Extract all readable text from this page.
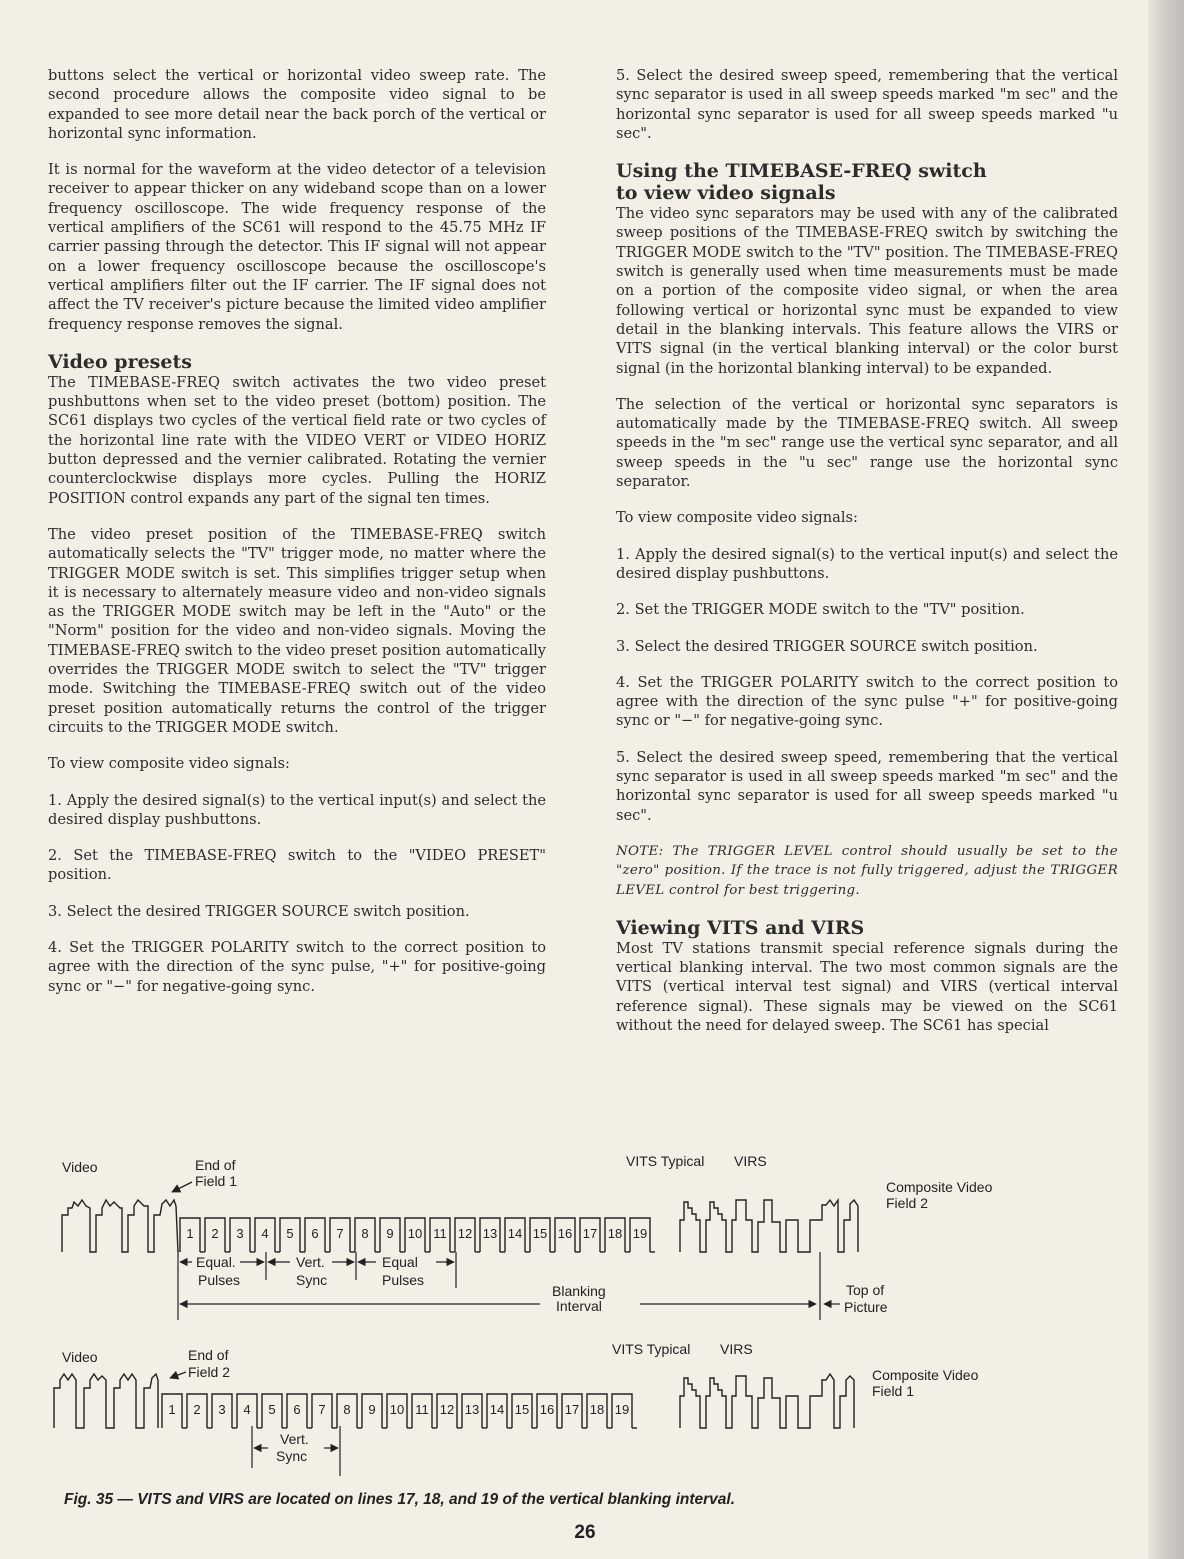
buttons select the vertical or horizontal video sweep rate. The second procedure allows the composite video signal to be expanded to see more detail near the back porch of the vertical or horizontal sync information.

It is normal for the waveform at the video detector of a television receiver to appear thicker on any wideband scope than on a lower frequency oscilloscope. The wide frequency response of the vertical amplifiers of the SC61 will respond to the 45.75 MHz IF carrier passing through the detector. This IF signal will not appear on a lower frequency oscilloscope because the oscilloscope's vertical amplifiers filter out the IF carrier. The IF signal does not affect the TV receiver's picture because the limited video amplifier frequency response removes the signal.

Video presets

The TIMEBASE-FREQ switch activates the two video preset pushbuttons when set to the video preset (bottom) position. The SC61 displays two cycles of the vertical field rate or two cycles of the horizontal line rate with the VIDEO VERT or VIDEO HORIZ button depressed and the vernier calibrated. Rotating the vernier counterclockwise displays more cycles. Pulling the HORIZ POSITION control expands any part of the signal ten times.

The video preset position of the TIMEBASE-FREQ switch automatically selects the "TV" trigger mode, no matter where the TRIGGER MODE switch is set. This simplifies trigger setup when it is necessary to alternately measure video and non-video signals as the TRIGGER MODE switch may be left in the "Auto" or the "Norm" position for the video and non-video signals. Moving the TIMEBASE-FREQ switch to the video preset position automatically overrides the TRIGGER MODE switch to select the "TV" trigger mode. Switching the TIMEBASE-FREQ switch out of the video preset position automatically returns the control of the trigger circuits to the TRIGGER MODE switch.

To view composite video signals:

1. Apply the desired signal(s) to the vertical input(s) and select the desired display pushbuttons.

2. Set the TIMEBASE-FREQ switch to the "VIDEO PRESET" position.

3. Select the desired TRIGGER SOURCE switch position.

4. Set the TRIGGER POLARITY switch to the correct position to agree with the direction of the sync pulse, "+" for positive-going sync or "−" for negative-going sync.

5. Select the desired sweep speed, remembering that the vertical sync separator is used in all sweep speeds marked "m sec" and the horizontal sync separator is used for all sweep speeds marked "u sec".

Using the TIMEBASE-FREQ switch
to view video signals

The video sync separators may be used with any of the calibrated sweep positions of the TIMEBASE-FREQ switch by switching the TRIGGER MODE switch to the "TV" position. The TIMEBASE-FREQ switch is generally used when time measurements must be made on a portion of the composite video signal, or when the area following vertical or horizontal sync must be expanded to view detail in the blanking intervals. This feature allows the VIRS or VITS signal (in the vertical blanking interval) or the color burst signal (in the horizontal blanking interval) to be expanded.

The selection of the vertical or horizontal sync separators is automatically made by the TIMEBASE-FREQ switch. All sweep speeds in the "m sec" range use the vertical sync separator, and all sweep speeds in the "u sec" range use the horizontal sync separator.

To view composite video signals:

1. Apply the desired signal(s) to the vertical input(s) and select the desired display pushbuttons.

2. Set the TRIGGER MODE switch to the "TV" position.

3. Select the desired TRIGGER SOURCE switch position.

4. Set the TRIGGER POLARITY switch to the correct position to agree with the direction of the sync pulse "+" for positive-going sync or "−" for negative-going sync.

5. Select the desired sweep speed, remembering that the vertical sync separator is used in all sweep speeds marked "m sec" and the horizontal sync separator is used for all sweep speeds marked "u sec".

NOTE: The TRIGGER LEVEL control should usually be set to the "zero" position. If the trace is not fully triggered, adjust the TRIGGER LEVEL control for best triggering.

Viewing VITS and VIRS

Most TV stations transmit special reference signals during the vertical blanking interval. The two most common signals are the VITS (vertical interval test signal) and VIRS (vertical interval reference signal). These signals may be viewed on the SC61 without the need for delayed sweep. The SC61 has special

Video	End of
Field 1
VITS Typical VIRS
Composite Video
Field 2
1 2 3 4 5 6 7 8 9 10 11 12 13 14 15 16 17 18 19
Equal.
Pulses
Vert.
Sync
Equal
Pulses
Blanking
Interval
Top of
Picture
Video	End of
Field 2
VITS Typical VIRS
Composite Video
Field 1
1 2 3 4 5 6 7 8 9 10 11 12 13 14 15 16 17 18 19
Vert.
Sync
Fig. 35 — VITS and VIRS are located on lines 17, 18, and 19 of the vertical blanking interval.
26
